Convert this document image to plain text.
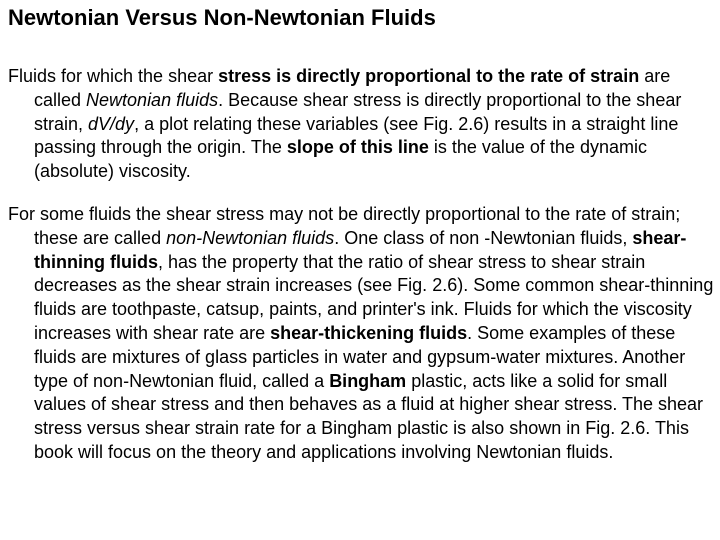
Newtonian Versus Non-Newtonian Fluids

Fluids for which the shear stress is directly proportional to the rate of strain are called Newtonian fluids. Because shear stress is directly proportional to the shear strain, dV/dy, a plot relating these variables (see Fig. 2.6) results in a straight line passing through the origin. The slope of this line is the value of the dynamic (absolute) viscosity.

For some fluids the shear stress may not be directly proportional to the rate of strain; these are called non-Newtonian fluids. One class of non -Newtonian fluids, shear-thinning fluids, has the property that the ratio of shear stress to shear strain decreases as the shear strain increases (see Fig. 2.6). Some common shear-thinning fluids are toothpaste, catsup, paints, and printer's ink. Fluids for which the viscosity increases with shear rate are shear-thickening fluids. Some examples of these fluids are mixtures of glass particles in water and gypsum-water mixtures. Another type of non-Newtonian fluid, called a Bingham plastic, acts like a solid for small values of shear stress and then behaves as a fluid at higher shear stress. The shear stress versus shear strain rate for a Bingham plastic is also shown in Fig. 2.6. This book will focus on the theory and applications involving Newtonian fluids.
